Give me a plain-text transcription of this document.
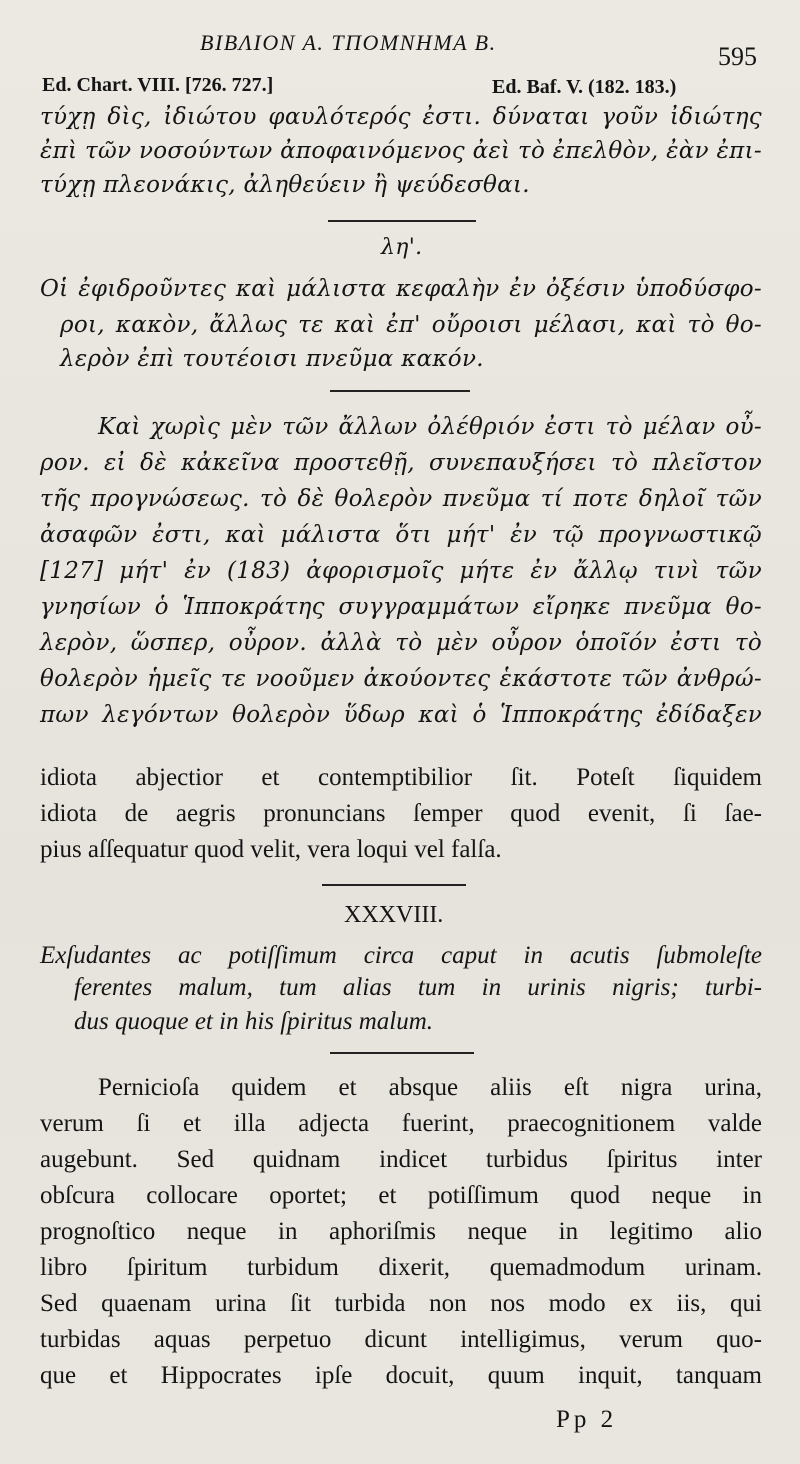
ΒΙΒΛΙΟΝ Α. ΤΠΟΜΝΗΜΑ Β.	595
Ed. Chart. VIII. [726. 727.]	Ed. Baf. V. (182. 183.)
τύχῃ δὶς, ἰδιώτου φαυλότερός ἐστι. δύναται γοῦν ἰδιώτης
ἐπὶ τῶν νοσούντων ἀποφαινόμενος ἀεὶ τὸ ἐπελθὸν, ἐὰν ἐπι-
τύχῃ πλεονάκις, ἀληθεύειν ἢ ψεύδεσθαι.
λη'.
Οἱ ἐφιδροῦντες καὶ μάλιστα κεφαλὴν ἐν ὀξέσιν ὑποδύσφο-
ροι, κακὸν, ἄλλως τε καὶ ἐπ' οὔροισι μέλασι, καὶ τὸ θο-
λερὸν ἐπὶ τουτέοισι πνεῦμα κακόν.
Καὶ χωρὶς μὲν τῶν ἄλλων ὀλέθριόν ἐστι τὸ μέλαν οὖ-
ρον. εἰ δὲ κἀκεῖνα προστεθῇ, συνεπαυξήσει τὸ πλεῖστον
τῆς προγνώσεως. τὸ δὲ θολερὸν πνεῦμα τί ποτε δηλοῖ τῶν
ἀσαφῶν ἐστι, καὶ μάλιστα ὅτι μήτ' ἐν τῷ προγνωστικῷ
[127] μήτ' ἐν (183) ἀφορισμοῖς μήτε ἐν ἄλλῳ τινὶ τῶν
γνησίων ὁ Ἱπποκράτης συγγραμμάτων εἴρηκε πνεῦμα θο-
λερὸν, ὥσπερ, οὖρον. ἀλλὰ τὸ μὲν οὖρον ὁποῖόν ἐστι τὸ
θολερὸν ἡμεῖς τε νοοῦμεν ἀκούοντες ἑκάστοτε τῶν ἀνθρώ-
πων λεγόντων θολερὸν ὕδωρ καὶ ὁ Ἱπποκράτης ἐδίδαξεν
idiota abjectior et contemptibilior ſit. Poteſt ſiquidem
idiota de aegris pronuncians ſemper quod evenit, ſi ſae-
pius aſſequatur quod velit, vera loqui vel falſa.
XXXVIII.
Exſudantes ac potiſſimum circa caput in acutis ſubmoleſte
ferentes malum, tum alias tum in urinis nigris; turbi-
dus quoque et in his ſpiritus malum.
Pernicioſa quidem et absque aliis eſt nigra urina,
verum ſi et illa adjecta fuerint, praecognitionem valde
augebunt. Sed quidnam indicet turbidus ſpiritus inter
obſcura collocare oportet; et potiſſimum quod neque in
prognoſtico neque in aphoriſmis neque in legitimo alio
libro ſpiritum turbidum dixerit, quemadmodum urinam.
Sed quaenam urina ſit turbida non nos modo ex iis, qui
turbidas aquas perpetuo dicunt intelligimus, verum quo-
que et Hippocrates ipſe docuit, quum inquit, tanquam
Pp 2
